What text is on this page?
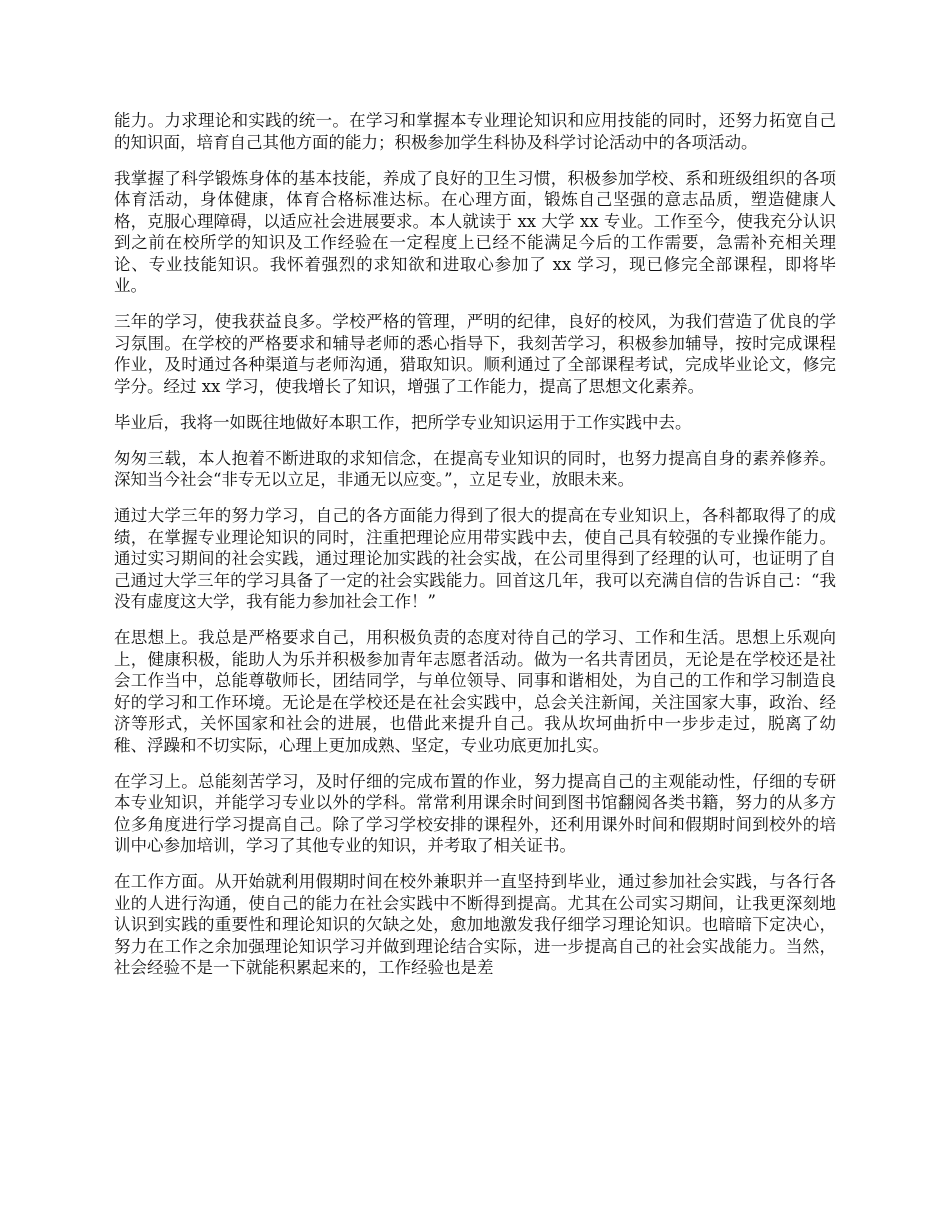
能力。力求理论和实践的统一。在学习和掌握本专业理论知识和应用技能的同时，还努力拓宽自己的知识面，培育自己其他方面的能力；积极参加学生科协及科学讨论活动中的各项活动。

我掌握了科学锻炼身体的基本技能，养成了良好的卫生习惯，积极参加学校、系和班级组织的各项体育活动，身体健康，体育合格标准达标。在心理方面，锻炼自己坚强的意志品质，塑造健康人格，克服心理障碍，以适应社会进展要求。本人就读于 xx 大学 xx 专业。工作至今，使我充分认识到之前在校所学的知识及工作经验在一定程度上已经不能满足今后的工作需要，急需补充相关理论、专业技能知识。我怀着强烈的求知欲和进取心参加了 xx 学习，现已修完全部课程，即将毕业。

三年的学习，使我获益良多。学校严格的管理，严明的纪律，良好的校风，为我们营造了优良的学习氛围。在学校的严格要求和辅导老师的悉心指导下，我刻苦学习，积极参加辅导，按时完成课程作业，及时通过各种渠道与老师沟通，猎取知识。顺利通过了全部课程考试，完成毕业论文，修完学分。经过 xx 学习，使我增长了知识，增强了工作能力，提高了思想文化素养。

毕业后，我将一如既往地做好本职工作，把所学专业知识运用于工作实践中去。

匆匆三载，本人抱着不断进取的求知信念，在提高专业知识的同时，也努力提高自身的素养修养。深知当今社会“非专无以立足，非通无以应变。”，立足专业，放眼未来。

通过大学三年的努力学习，自己的各方面能力得到了很大的提高在专业知识上，各科都取得了的成绩，在掌握专业理论知识的同时，注重把理论应用带实践中去，使自己具有较强的专业操作能力。通过实习期间的社会实践，通过理论加实践的社会实战，在公司里得到了经理的认可，也证明了自己通过大学三年的学习具备了一定的社会实践能力。回首这几年，我可以充满自信的告诉自己：“我没有虚度这大学，我有能力参加社会工作！”

在思想上。我总是严格要求自己，用积极负责的态度对待自己的学习、工作和生活。思想上乐观向上，健康积极，能助人为乐并积极参加青年志愿者活动。做为一名共青团员，无论是在学校还是社会工作当中，总能尊敬师长，团结同学，与单位领导、同事和谐相处，为自己的工作和学习制造良好的学习和工作环境。无论是在学校还是在社会实践中，总会关注新闻，关注国家大事，政治、经济等形式，关怀国家和社会的进展，也借此来提升自己。我从坎坷曲折中一步步走过，脱离了幼稚、浮躁和不切实际，心理上更加成熟、坚定，专业功底更加扎实。

在学习上。总能刻苦学习，及时仔细的完成布置的作业，努力提高自己的主观能动性，仔细的专研本专业知识，并能学习专业以外的学科。常常利用课余时间到图书馆翻阅各类书籍，努力的从多方位多角度进行学习提高自己。除了学习学校安排的课程外，还利用课外时间和假期时间到校外的培训中心参加培训，学习了其他专业的知识，并考取了相关证书。

在工作方面。从开始就利用假期时间在校外兼职并一直坚持到毕业，通过参加社会实践，与各行各业的人进行沟通，使自己的能力在社会实践中不断得到提高。尤其在公司实习期间，让我更深刻地认识到实践的重要性和理论知识的欠缺之处，愈加地激发我仔细学习理论知识。也暗暗下定决心，努力在工作之余加强理论知识学习并做到理论结合实际，进一步提高自己的社会实战能力。当然，社会经验不是一下就能积累起来的，工作经验也是差
